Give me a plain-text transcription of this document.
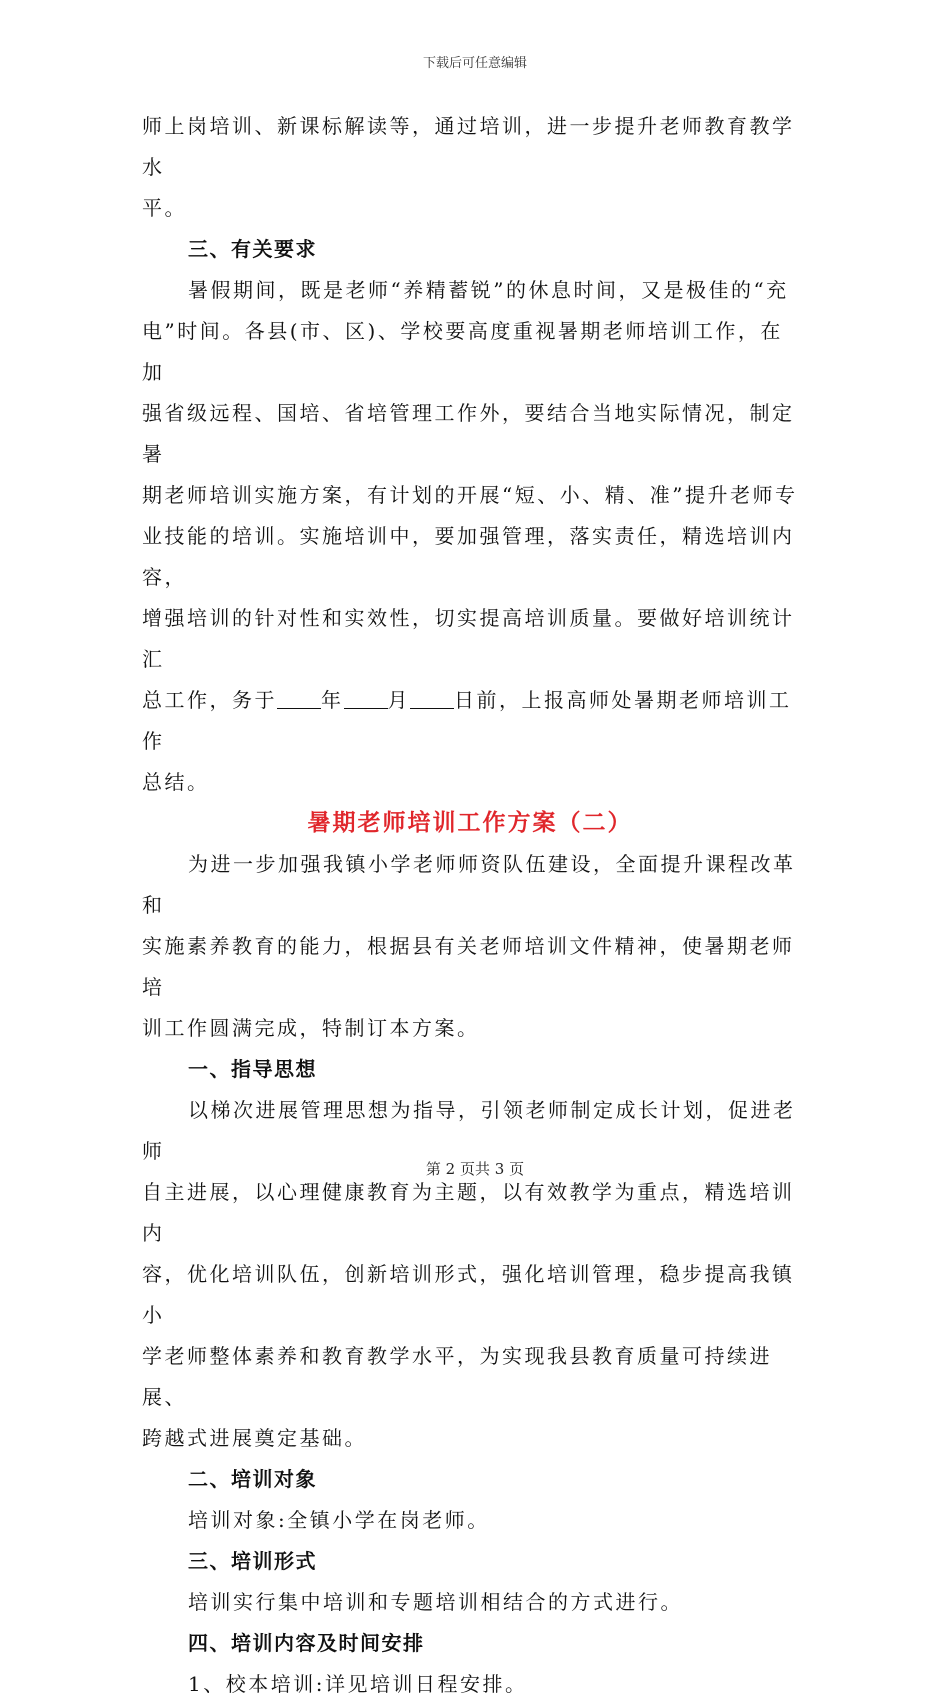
下载后可任意编辑

师上岗培训、新课标解读等，通过培训，进一步提升老师教育教学水

平。

三、有关要求

暑假期间，既是老师“养精蓄锐”的休息时间，又是极佳的“充

电”时间。各县(市、区)、学校要高度重视暑期老师培训工作，在加

强省级远程、国培、省培管理工作外，要结合当地实际情况，制定暑

期老师培训实施方案，有计划的开展“短、小、精、准”提升老师专

业技能的培训。实施培训中，要加强管理，落实责任，精选培训内容，

增强培训的针对性和实效性，切实提高培训质量。要做好培训统计汇

总工作，务于 年 月 日前，上报高师处暑期老师培训工作

总结。

暑期老师培训工作方案（二）

为进一步加强我镇小学老师师资队伍建设，全面提升课程改革和

实施素养教育的能力，根据县有关老师培训文件精神，使暑期老师培

训工作圆满完成，特制订本方案。

一、指导思想

以梯次进展管理思想为指导，引领老师制定成长计划，促进老师

自主进展，以心理健康教育为主题，以有效教学为重点，精选培训内

容，优化培训队伍，创新培训形式，强化培训管理，稳步提高我镇小

学老师整体素养和教育教学水平，为实现我县教育质量可持续进展、

跨越式进展奠定基础。

二、培训对象

培训对象:全镇小学在岗老师。

三、培训形式

培训实行集中培训和专题培训相结合的方式进行。

四、培训内容及时间安排

1、校本培训:详见培训日程安排。

第 2 页共 3 页
